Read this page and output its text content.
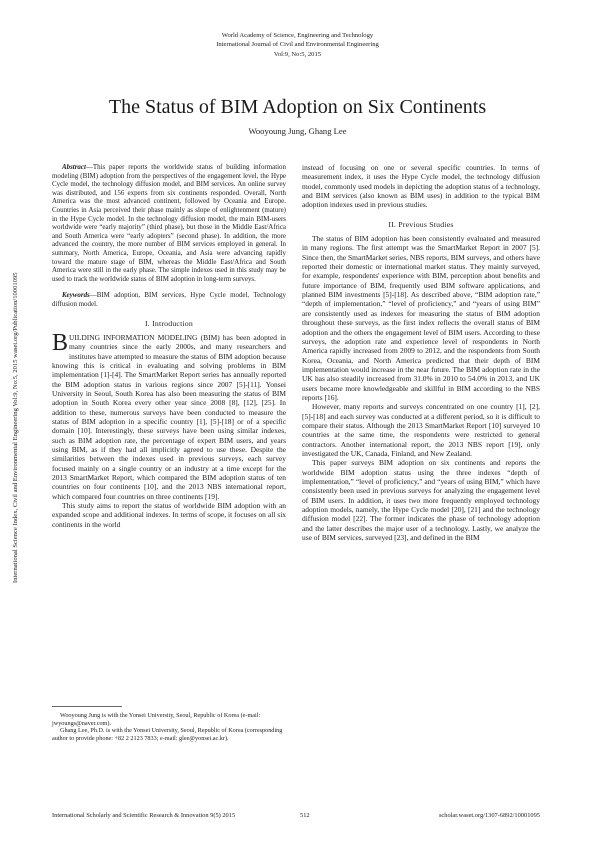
World Academy of Science, Engineering and Technology
International Journal of Civil and Environmental Engineering
Vol:9, No:5, 2015
The Status of BIM Adoption on Six Continents
Wooyoung Jung, Ghang Lee
International Science Index, Civil and Environmental Engineering Vol:9, No:5, 2015 waset.org/Publication/10001095

Abstract—This paper reports the worldwide status of building information modeling (BIM) adoption from the perspectives of the engagement level, the Hype Cycle model, the technology diffusion model, and BIM services. An online survey was distributed, and 156 experts from six continents responded. Overall, North America was the most advanced continent, followed by Oceania and Europe. Countries in Asia perceived their phase mainly as slope of enlightenment (mature) in the Hype Cycle model. In the technology diffusion model, the main BIM-users worldwide were “early majority” (third phase), but those in the Middle East/Africa and South America were “early adopters” (second phase). In addition, the more advanced the country, the more number of BIM services employed in general. In summary, North America, Europe, Oceania, and Asia were advancing rapidly toward the mature stage of BIM, whereas the Middle East/Africa and South America were still in the early phase. The simple indexes used in this study may be used to track the worldwide status of BIM adoption in long-term surveys.

Keywords—BIM adoption, BIM services, Hype Cycle model, Technology diffusion model.

I. Introduction

BUILDING INFORMATION MODELING (BIM) has been adopted in many countries since the early 2000s, and many researchers and institutes have attempted to measure the status of BIM adoption because knowing this is critical in evaluating and solving problems in BIM implementation [1]-[4]. The SmartMarket Report series has annually reported the BIM adoption status in various regions since 2007 [5]-[11]. Yonsei University in Seoul, South Korea has also been measuring the status of BIM adoption in South Korea every other year since 2008 [8], [12], [25]. In addition to these, numerous surveys have been conducted to measure the status of BIM adoption in a specific country [1], [5]-[18] or of a specific domain [10]. Interestingly, these surveys have been using similar indexes, such as BIM adoption rate, the percentage of expert BIM users, and years using BIM, as if they had all implicitly agreed to use these. Despite the similarities between the indexes used in previous surveys, each survey focused mainly on a single country or an industry at a time except for the 2013 SmartMarket Report, which compared the BIM adoption status of ten countries on four continents [10], and the 2013 NBS international report, which compared four countries on three continents [19].

This study aims to report the status of worldwide BIM adoption with an expanded scope and additional indexes. In terms of scope, it focuses on all six continents in the world

Wooyoung Jung is with the Yonsei University, Seoul, Republic of Korea (e-mail: jwyoungs@naver.com).

Ghang Lee, Ph.D. is with the Yonsei University, Seoul, Republic of Korea (corresponding author to provide phone: +82 2 2123 7833; e-mail: glee@yonsei.ac.kr).

instead of focusing on one or several specific countries. In terms of measurement index, it uses the Hype Cycle model, the technology diffusion model, commonly used models in depicting the adoption status of a technology, and BIM services (also known as BIM uses) in addition to the typical BIM adoption indexes used in previous studies.

II. Previous Studies

The status of BIM adoption has been consistently evaluated and measured in many regions. The first attempt was the SmartMarket Report in 2007 [5]. Since then, the SmartMarket series, NBS reports, BIM surveys, and others have reported their domestic or international market status. They mainly surveyed, for example, respondents' experience with BIM, perception about benefits and future importance of BIM, frequently used BIM software applications, and planned BIM investments [5]-[18]. As described above, “BIM adoption rate,” “depth of implementation,” “level of proficiency,” and “years of using BIM” are consistently used as indexes for measuring the status of BIM adoption throughout these surveys, as the first index reflects the overall status of BIM adoption and the others the engagement level of BIM users. According to these surveys, the adoption rate and experience level of respondents in North America rapidly increased from 2009 to 2012, and the respondents from South Korea, Oceania, and North America predicted that their depth of BIM implementation would increase in the near future. The BIM adoption rate in the UK has also steadily increased from 31.0% in 2010 to 54.0% in 2013, and UK users became more knowledgeable and skillful in BIM according to the NBS reports [16].

However, many reports and surveys concentrated on one country [1], [2], [5]-[18] and each survey was conducted at a different period, so it is difficult to compare their status. Although the 2013 SmartMarket Report [10] surveyed 10 countries at the same time, the respondents were restricted to general contractors. Another international report, the 2013 NBS report [19], only investigated the UK, Canada, Finland, and New Zealand.

This paper surveys BIM adoption on six continents and reports the worldwide BIM adoption status using the three indexes “depth of implementation,” “level of proficiency,” and “years of using BIM,” which have consistently been used in previous surveys for analyzing the engagement level of BIM users. In addition, it uses two more frequently employed technology adoption models, namely, the Hype Cycle model [20], [21] and the technology diffusion model [22]. The former indicates the phase of technology adoption and the latter describes the major user of a technology. Lastly, we analyze the use of BIM services, surveyed [23], and defined in the BIM

International Scholarly and Scientific Research & Innovation 9(5) 2015	512	scholar.waset.org/1307-6892/10001095
